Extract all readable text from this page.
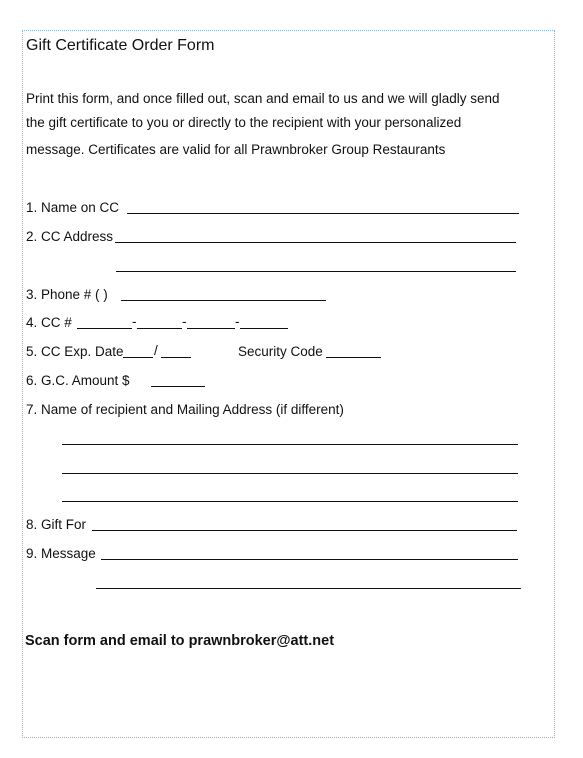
Gift Certificate Order Form
Print this form, and once filled out, scan and email to us and we will gladly send
the gift certificate to you or directly to the recipient with your personalized
message. Certificates are valid for all Prawnbroker Group Restaurants
1. Name on CC
2. CC Address
3. Phone # ( )
4. CC #	-	-	-
5. CC Exp. Date /	Security Code
6. G.C. Amount $
7. Name of recipient and Mailing Address (if different)
8. Gift For
9. Message
Scan form and email to prawnbroker@att.net
